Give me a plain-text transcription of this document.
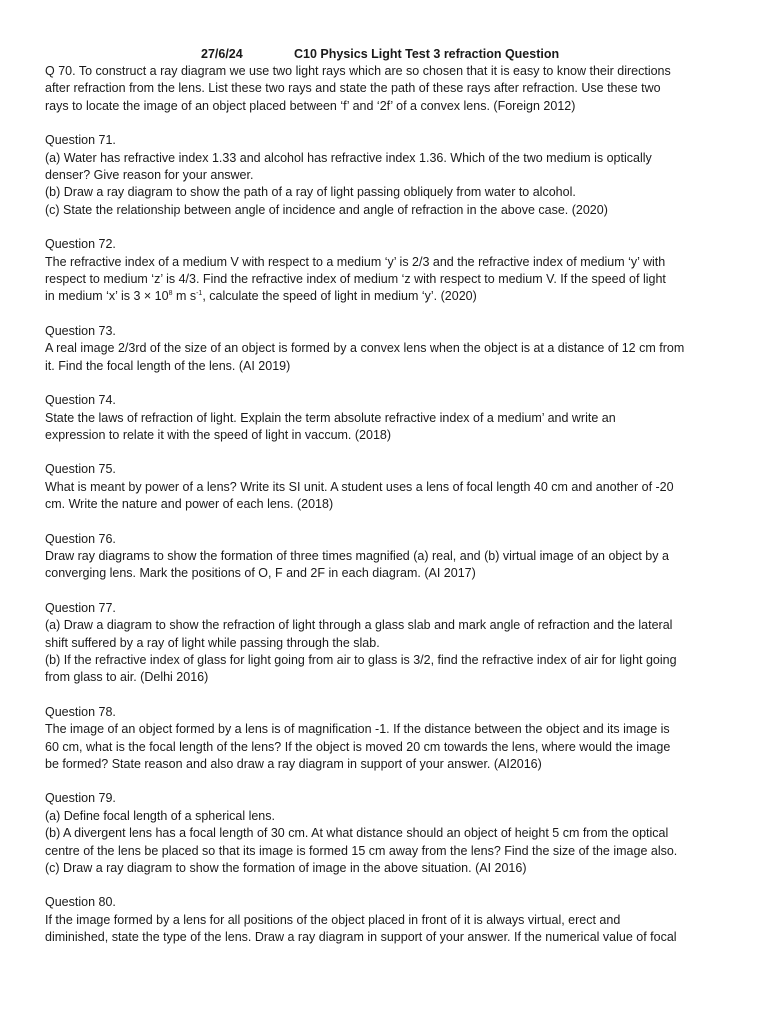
27/6/24	C10 Physics Light Test 3 refraction Question
Q 70. To construct a ray diagram we use two light rays which are so chosen that it is easy to know their directions
after refraction from the lens. List these two rays and state the path of these rays after refraction. Use these two
rays to locate the image of an object placed between ‘f’ and ‘2f’ of a convex lens. (Foreign 2012)
Question 71.
(a) Water has refractive index 1.33 and alcohol has refractive index 1.36. Which of the two medium is optically
denser? Give reason for your answer.
(b) Draw a ray diagram to show the path of a ray of light passing obliquely from water to alcohol.
(c) State the relationship between angle of incidence and angle of refraction in the above case. (2020)
Question 72.
The refractive index of a medium V with respect to a medium ‘y’ is 2/3 and the refractive index of medium ‘y’ with
respect to medium ‘z’ is 4/3. Find the refractive index of medium ‘z with respect to medium V. If the speed of light
in medium ‘x’ is $3 \times 10^8$ m $s^{-1}$, calculate the speed of light in medium ‘y’. (2020)
Question 73.
A real image 2/3rd of the size of an object is formed by a convex lens when the object is at a distance of 12 cm from
it. Find the focal length of the lens. (AI 2019)
Question 74.
State the laws of refraction of light. Explain the term absolute refractive index of a medium’ and write an
expression to relate it with the speed of light in vaccum. (2018)
Question 75.
What is meant by power of a lens? Write its SI unit. A student uses a lens of focal length 40 cm and another of -20
cm. Write the nature and power of each lens. (2018)
Question 76.
Draw ray diagrams to show the formation of three times magnified (a) real, and (b) virtual image of an object by a
converging lens. Mark the positions of O, F and 2F in each diagram. (AI 2017)
Question 77.
(a) Draw a diagram to show the refraction of light through a glass slab and mark angle of refraction and the lateral
shift suffered by a ray of light while passing through the slab.
(b) If the refractive index of glass for light going from air to glass is 3/2, find the refractive index of air for light going
from glass to air. (Delhi 2016)
Question 78.
The image of an object formed by a lens is of magnification -1. If the distance between the object and its image is
60 cm, what is the focal length of the lens? If the object is moved 20 cm towards the lens, where would the image
be formed? State reason and also draw a ray diagram in support of your answer. (AI2016)
Question 79.
(a) Define focal length of a spherical lens.
(b) A divergent lens has a focal length of 30 cm. At what distance should an object of height 5 cm from the optical
centre of the lens be placed so that its image is formed 15 cm away from the lens? Find the size of the image also.
(c) Draw a ray diagram to show the formation of image in the above situation. (AI 2016)
Question 80.
If the image formed by a lens for all positions of the object placed in front of it is always virtual, erect and
diminished, state the type of the lens. Draw a ray diagram in support of your answer. If the numerical value of focal
